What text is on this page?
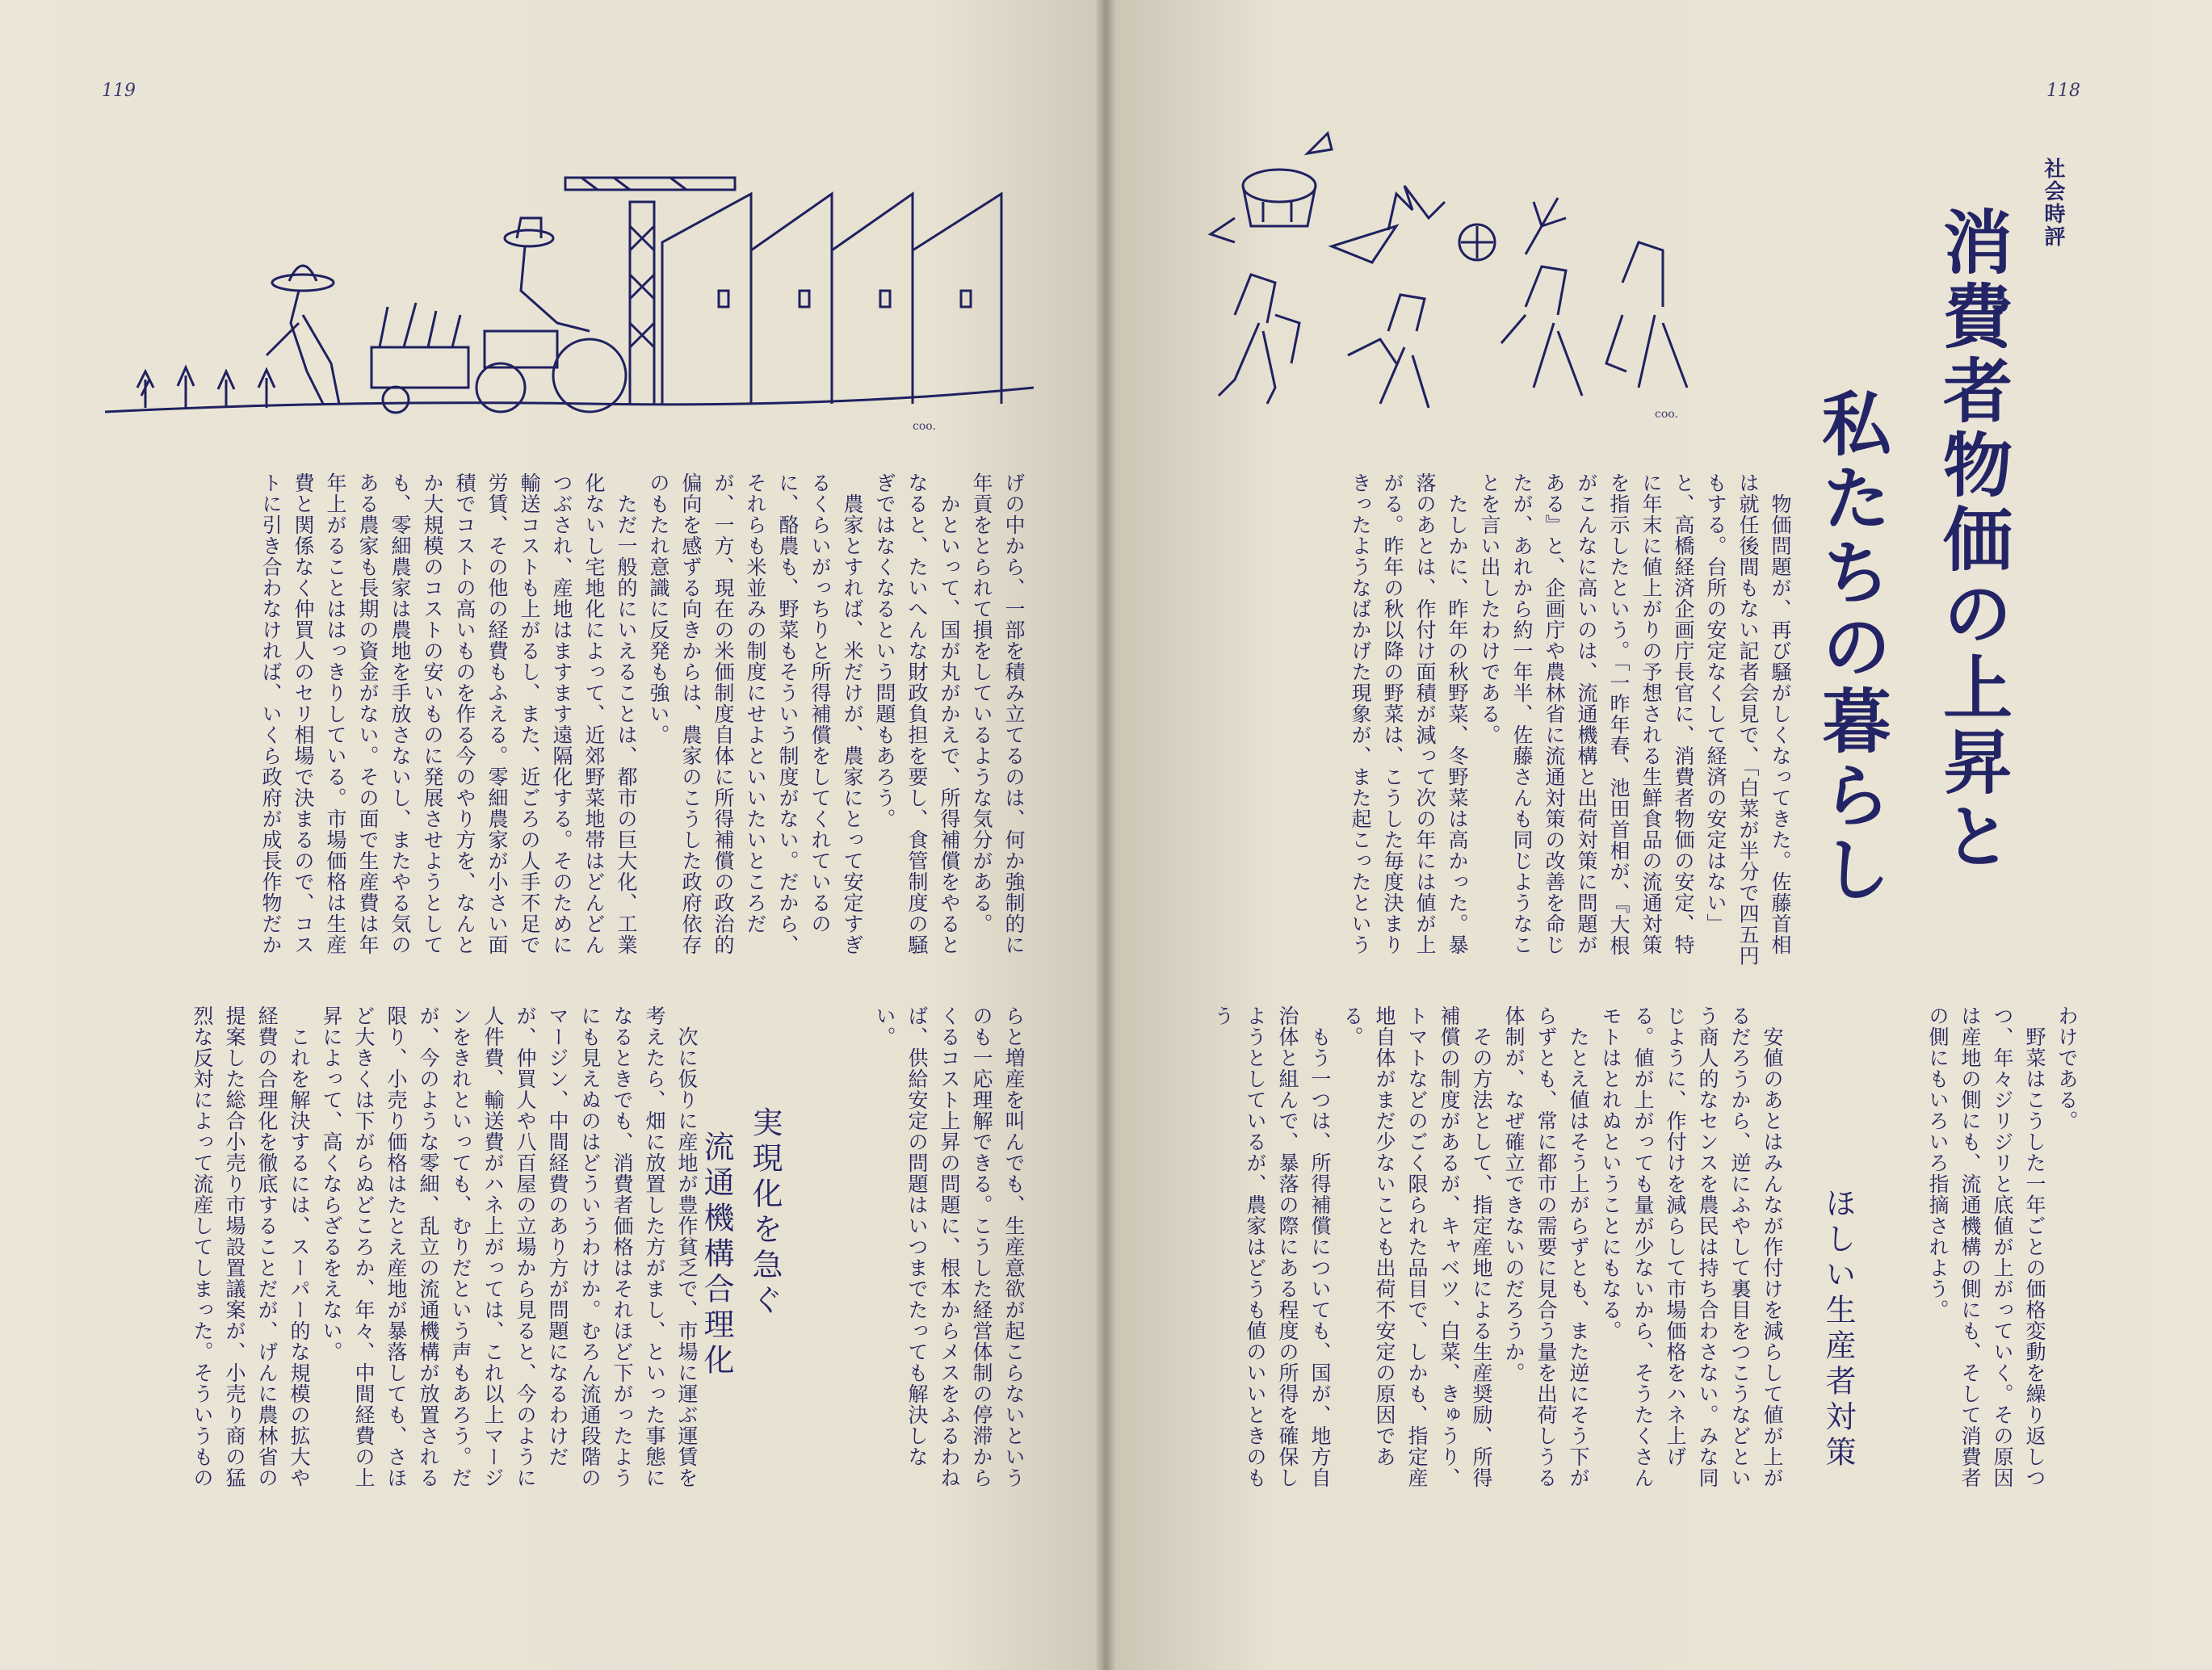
119
coo.
げの中から、一部を積み立てるのは、何か強制的に年貢をとられて損をしているような気分がある。
　かといって、国が丸がかえで、所得補償をやるとなると、たいへんな財政負担を要し、食管制度の騒ぎではなくなるという問題もあろう。
　農家とすれば、米だけが、農家にとって安定すぎるくらいがっちりと所得補償をしてくれているのに、酪農も、野菜もそういう制度がない。だから、それらも米並みの制度にせよといいたいところだが、一方、現在の米価制度自体に所得補償の政治的偏向を感ずる向きからは、農家のこうした政府依存のもたれ意識に反発も強い。
　ただ一般的にいえることは、都市の巨大化、工業化ないし宅地化によって、近郊野菜地帯はどんどんつぶされ、産地はますます遠隔化する。そのために輸送コストも上がるし、また、近ごろの人手不足で労賃、その他の経費もふえる。零細農家が小さい面積でコストの高いものを作る今のやり方を、なんとか大規模のコストの安いものに発展させようとしても、零細農家は農地を手放さないし、またやる気のある農家も長期の資金がない。その面で生産費は年年上がることははっきりしている。市場価格は生産費と関係なく仲買人のセリ相場で決まるので、コストに引き合わなければ、いくら政府が成長作物だか
らと増産を叫んでも、生産意欲が起こらないというのも一応理解できる。こうした経営体制の停滞からくるコスト上昇の問題に、根本からメスをふるわねば、供給安定の問題はいつまでたっても解決しない。
実現化を急ぐ
流通機構合理化
　次に仮りに産地が豊作貧乏で、市場に運ぶ運賃を考えたら、畑に放置した方がまし、といった事態になるときでも、消費者価格はそれほど下がったようにも見えぬのはどういうわけか。むろん流通段階のマージン、中間経費のあり方が問題になるわけだが、仲買人や八百屋の立場から見ると、今のように人件費、輸送費がハネ上がっては、これ以上マージンをきれといっても、むりだという声もあろう。だが、今のような零細、乱立の流通機構が放置される限り、小売り価格はたとえ産地が暴落しても、さほど大きくは下がらぬどころか、年々、中間経費の上昇によって、高くならざるをえない。
　これを解決するには、スーパー的な規模の拡大や経費の合理化を徹底することだが、げんに農林省の提案した総合小売り市場設置議案が、小売り商の猛烈な反対によって流産してしまった。そういうもの
118
coo.
社会時評
消費者物価の上昇と
私たちの暮らし
　物価問題が、再び騒がしくなってきた。佐藤首相は就任後間もない記者会見で、「白菜が半分で四五円もする。台所の安定なくして経済の安定はない」と、高橋経済企画庁長官に、消費者物価の安定、特に年末に値上がりの予想される生鮮食品の流通対策を指示したという。「一昨年春、池田首相が、『大根がこんなに高いのは、流通機構と出荷対策に問題がある』と、企画庁や農林省に流通対策の改善を命じたが、あれから約一年半、佐藤さんも同じようなことを言い出したわけである。
　たしかに、昨年の秋野菜、冬野菜は高かった。暴落のあとは、作付け面積が減って次の年には値が上がる。昨年の秋以降の野菜は、こうした毎度決まりきったようなばかげた現象が、また起こったという
わけである。
　野菜はこうした一年ごとの価格変動を繰り返しつつ、年々ジリジリと底値が上がっていく。その原因は産地の側にも、流通機構の側にも、そして消費者の側にもいろいろ指摘されよう。
ほしい生産者対策
　安値のあとはみんなが作付けを減らして値が上がるだろうから、逆にふやして裏目をつこうなどという商人的なセンスを農民は持ち合わさない。みな同じように、作付けを減らして市場価格をハネ上げる。値が上がっても量が少ないから、そうたくさんモトはとれぬということにもなる。
　たとえ値はそう上がらずとも、また逆にそう下がらずとも、常に都市の需要に見合う量を出荷しうる体制が、なぜ確立できないのだろうか。
　その方法として、指定産地による生産奨励、所得補償の制度があるが、キャベツ、白菜、きゅうり、トマトなどのごく限られた品目で、しかも、指定産地自体がまだ少ないことも出荷不安定の原因である。
　もう一つは、所得補償についても、国が、地方自治体と組んで、暴落の際にある程度の所得を確保しようとしているが、農家はどうも値のいいときのもう
